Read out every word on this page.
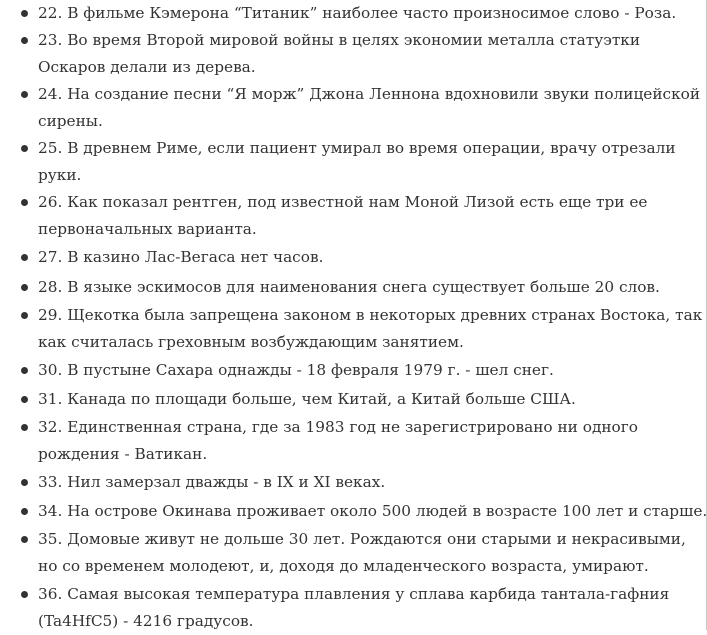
22. В фильме Кэмерона “Титаник” наиболее часто произносимое слово - Роза.
23. Во время Второй мировой войны в целях экономии металла статуэтки
Оскаров делали из дерева.
24. На создание песни “Я морж” Джона Леннона вдохновили звуки полицейской
сирены.
25. В древнем Риме, если пациент умирал во время операции, врачу отрезали
руки.
26. Как показал рентген, под известной нам Моной Лизой есть еще три ее
первоначальных варианта.
27. В казино Лас-Вегаса нет часов.
28. В языке эскимосов для наименования снега существует больше 20 слов.
29. Щекотка была запрещена законом в некоторых древних странах Востока, так
как считалась греховным возбуждающим занятием.
30. В пустыне Сахара однажды - 18 февраля 1979 г. - шел снег.
31. Канада по площади больше, чем Китай, а Китай больше США.
32. Единственная страна, где за 1983 год не зарегистрировано ни одного
рождения - Ватикан.
33. Нил замерзал дважды - в IX и XI веках.
34. На острове Окинава проживает около 500 людей в возрасте 100 лет и старше.
35. Домовые живут не дольше 30 лет. Рождаются они старыми и некрасивыми,
но со временем молодеют, и, доходя до младенческого возраста, умирают.
36. Самая высокая температура плавления у сплава карбида тантала-гафния
(Ta4HfC5) - 4216 градусов.
